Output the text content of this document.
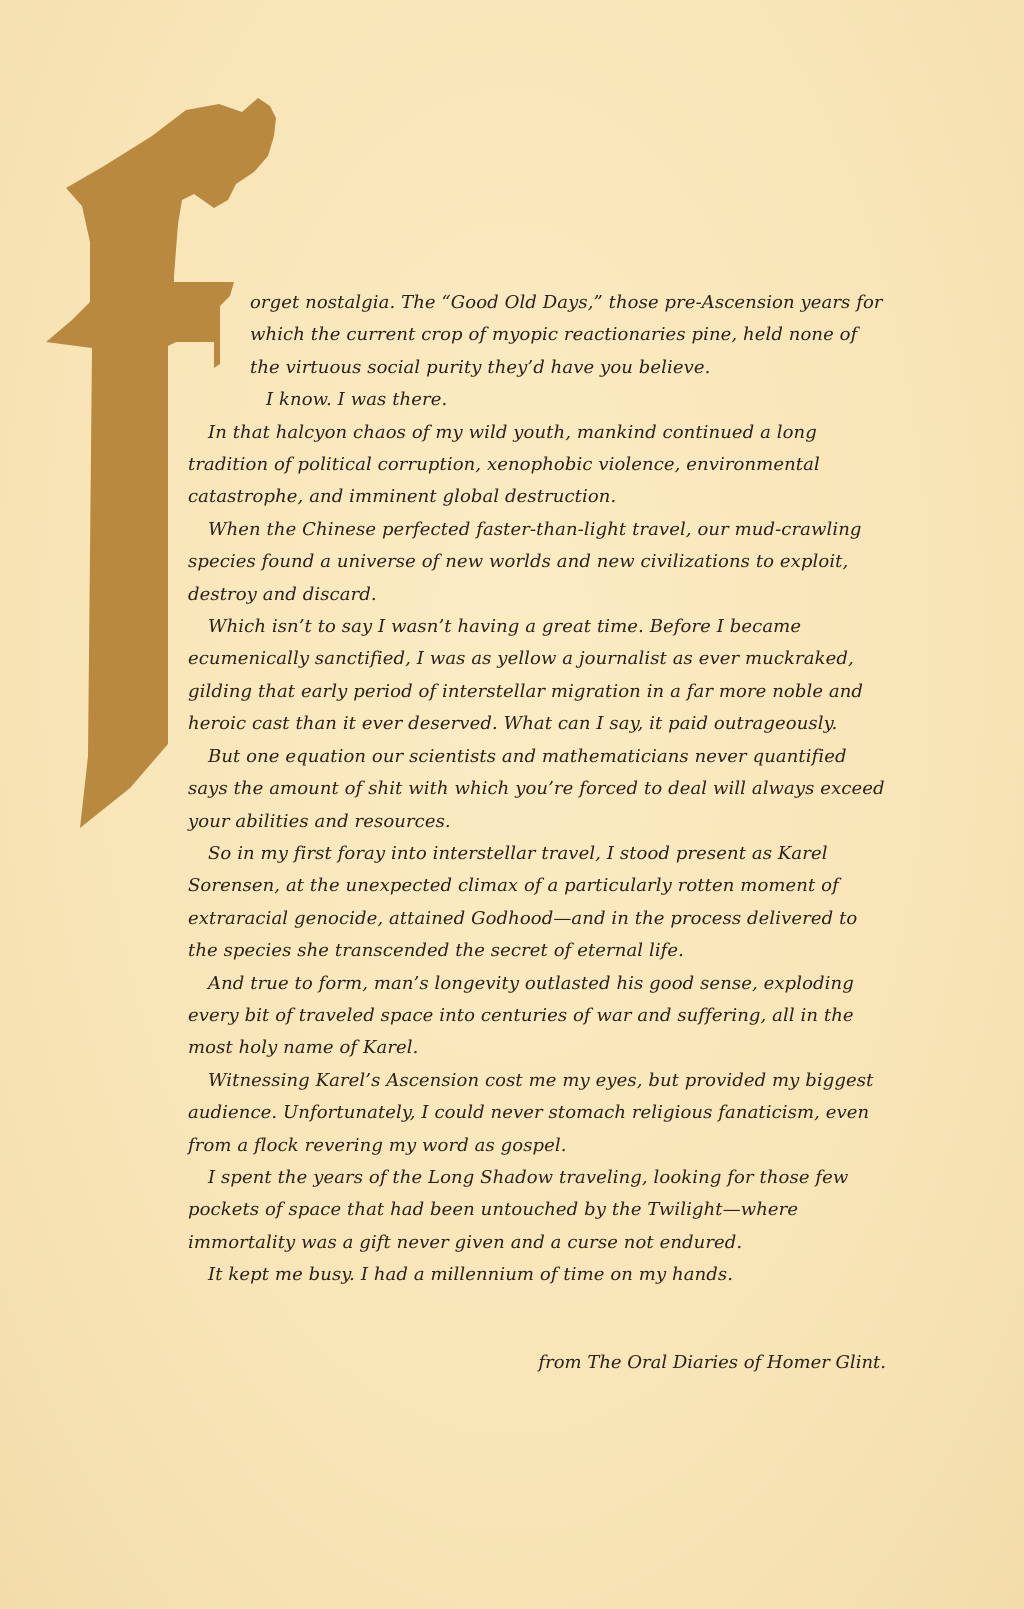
orget nostalgia. The “Good Old Days,” those pre-Ascension years for which the current crop of myopic reactionaries pine, held none of the virtuous social purity they’d have you believe.

I know. I was there.

In that halcyon chaos of my wild youth, mankind continued a long tradition of political corruption, xenophobic violence, environmental catastrophe, and imminent global destruction.

When the Chinese perfected faster-than-light travel, our mud-crawling species found a universe of new worlds and new civilizations to exploit, destroy and discard.

Which isn’t to say I wasn’t having a great time. Before I became ecumenically sanctified, I was as yellow a journalist as ever muckraked, gilding that early period of interstellar migration in a far more noble and heroic cast than it ever deserved. What can I say, it paid outrageously.

But one equation our scientists and mathematicians never quantified says the amount of shit with which you’re forced to deal will always exceed your abilities and resources.

So in my first foray into interstellar travel, I stood present as Karel Sorensen, at the unexpected climax of a particularly rotten moment of extraracial genocide, attained Godhood—and in the process delivered to the species she transcended the secret of eternal life.

And true to form, man’s longevity outlasted his good sense, exploding every bit of traveled space into centuries of war and suffering, all in the most holy name of Karel.

Witnessing Karel’s Ascension cost me my eyes, but provided my biggest audience. Unfortunately, I could never stomach religious fanaticism, even from a flock revering my word as gospel.

I spent the years of the Long Shadow traveling, looking for those few pockets of space that had been untouched by the Twilight—where immortality was a gift never given and a curse not endured.

It kept me busy. I had a millennium of time on my hands.

from The Oral Diaries of Homer Glint.
